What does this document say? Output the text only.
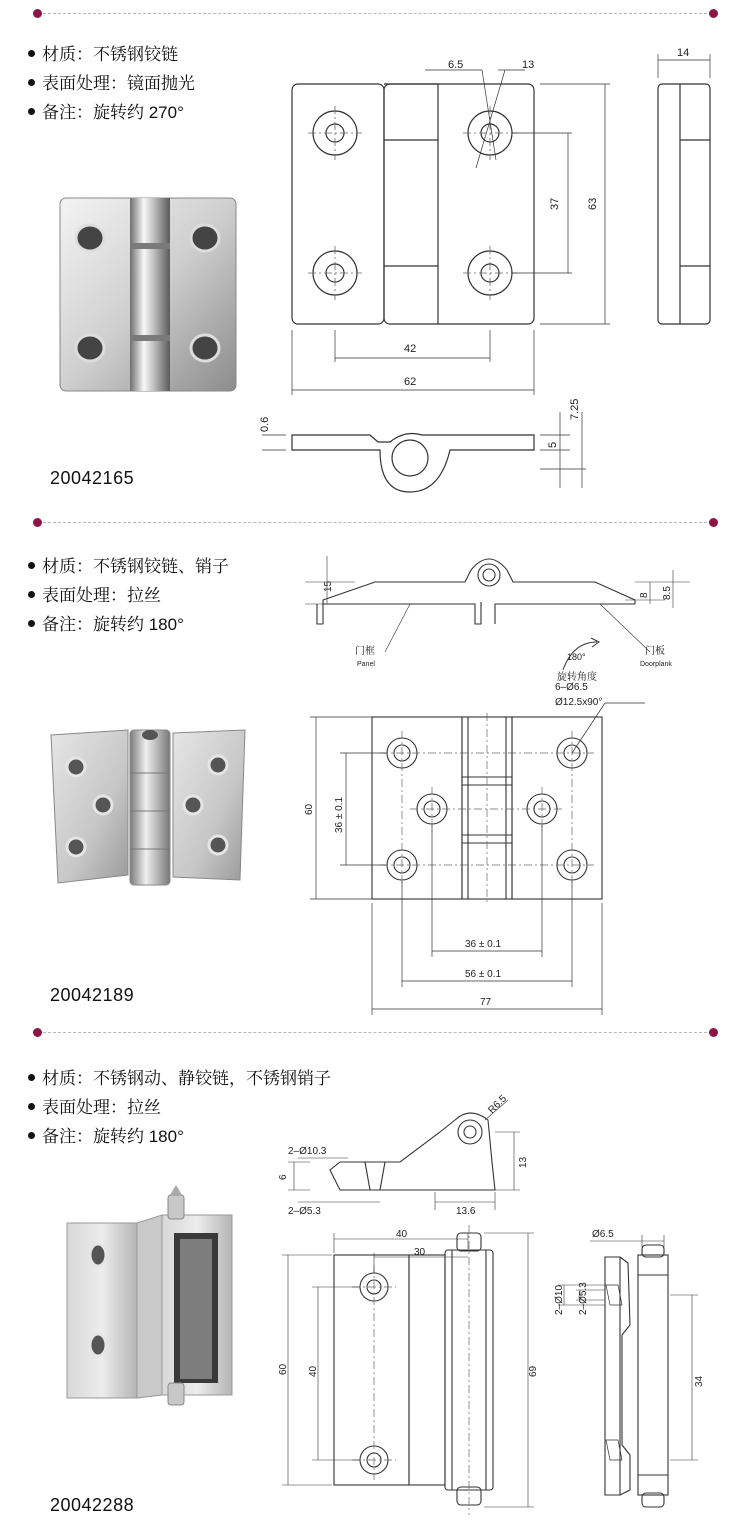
材质：不锈钢铰链
表面处理：镜面抛光
备注：旋转约 270°
20042165
6.5	13
14
37 63
42
62
0.6
7.25
5
材质：不锈钢铰链、销子
表面处理：拉丝
备注：旋转约 180°
20042189
15
8 8.5
门框
Panel
门板
Doorplank
180°
旋转角度
6–Ø6.5
Ø12.5x90°
60 36 ± 0.1
36 ± 0.1
56 ± 0.1
77
材质：不锈钢动、静铰链，不锈钢销子
表面处理：拉丝
备注：旋转约 180°
20042288
R6.5
2–Ø10.3
6
2–Ø5.3
13
13.6
40
30
60 40	69
Ø6.5
2–Ø10 2–Ø5.3
34
